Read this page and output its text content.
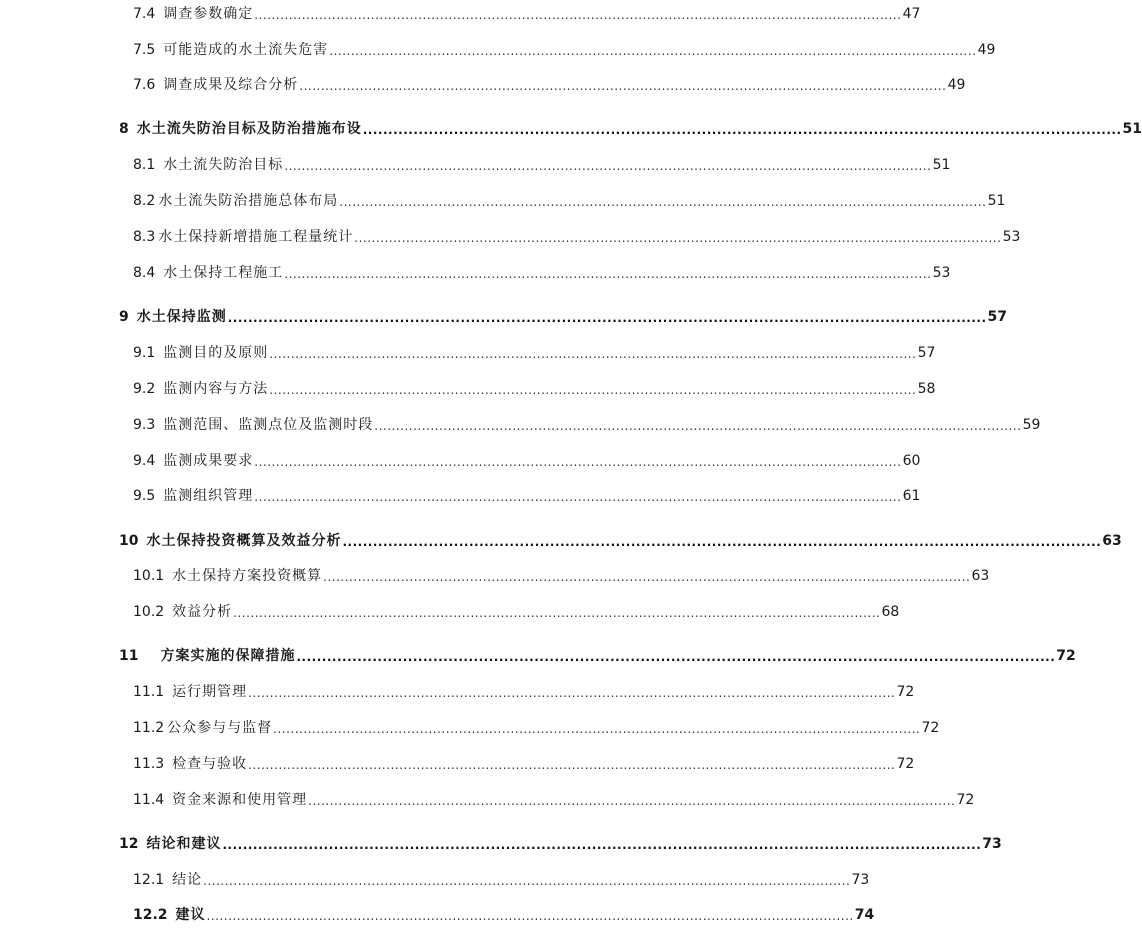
7.4 调查参数确定 ...................................................................................................................................................... 47
7.5 可能造成的水土流失危害 ...................................................................................................................................................... 49
7.6 调查成果及综合分析 ...................................................................................................................................................... 49
8 水土流失防治目标及防治措施布设 ...................................................................................................................................................... 51
8.1 水土流失防治目标 ...................................................................................................................................................... 51
8.2 水土流失防治措施总体布局 ...................................................................................................................................................... 51
8.3 水土保持新增措施工程量统计 ...................................................................................................................................................... 53
8.4 水土保持工程施工 ...................................................................................................................................................... 53
9 水土保持监测 ...................................................................................................................................................... 57
9.1 监测目的及原则 ...................................................................................................................................................... 57
9.2 监测内容与方法 ...................................................................................................................................................... 58
9.3 监测范围、监测点位及监测时段 ...................................................................................................................................................... 59
9.4 监测成果要求 ...................................................................................................................................................... 60
9.5 监测组织管理 ...................................................................................................................................................... 61
10 水土保持投资概算及效益分析 ...................................................................................................................................................... 63
10.1 水土保持方案投资概算 ...................................................................................................................................................... 63
10.2 效益分析 ...................................................................................................................................................... 68
11 方案实施的保障措施 ...................................................................................................................................................... 72
11.1 运行期管理 ...................................................................................................................................................... 72
11.2 公众参与与监督 ...................................................................................................................................................... 72
11.3 检查与验收 ...................................................................................................................................................... 72
11.4 资金来源和使用管理 ...................................................................................................................................................... 72
12 结论和建议 ...................................................................................................................................................... 73
12.1 结论 ...................................................................................................................................................... 73
12.2 建议 ...................................................................................................................................................... 74
